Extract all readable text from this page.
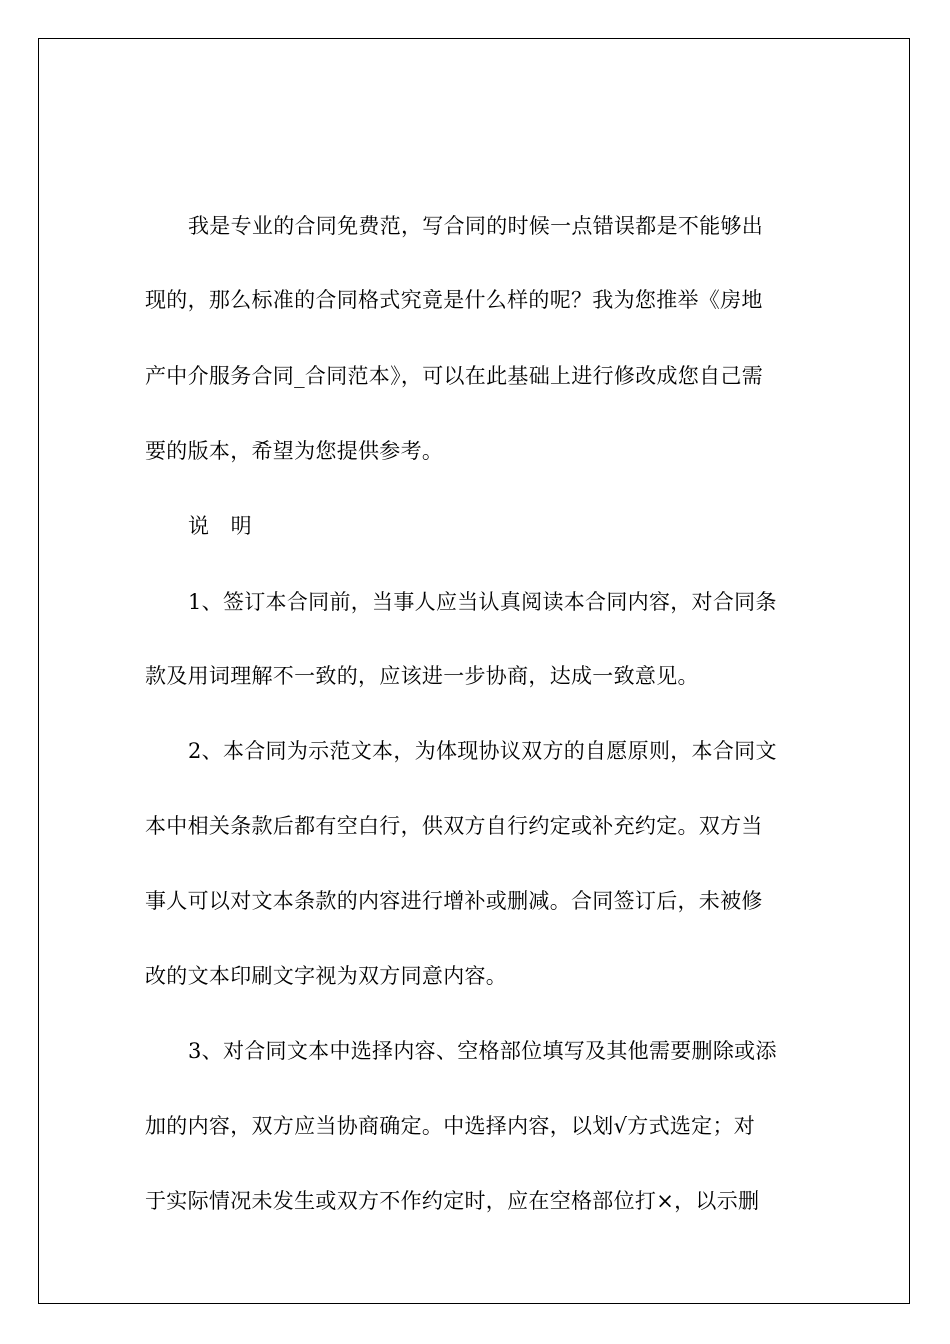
我是专业的合同免费范，写合同的时候一点错误都是不能够出
现的，那么标准的合同格式究竟是什么样的呢？我为您推举《房地
产中介服务合同_合同范本》，可以在此基础上进行修改成您自己需
要的版本，希望为您提供参考。
说　明
1、签订本合同前，当事人应当认真阅读本合同内容，对合同条
款及用词理解不一致的，应该进一步协商，达成一致意见。
2、本合同为示范文本，为体现协议双方的自愿原则，本合同文
本中相关条款后都有空白行，供双方自行约定或补充约定。双方当
事人可以对文本条款的内容进行增补或删减。合同签订后，未被修
改的文本印刷文字视为双方同意内容。
3、对合同文本中选择内容、空格部位填写及其他需要删除或添
加的内容，双方应当协商确定。中选择内容，以划√方式选定；对
于实际情况未发生或双方不作约定时，应在空格部位打×，以示删
